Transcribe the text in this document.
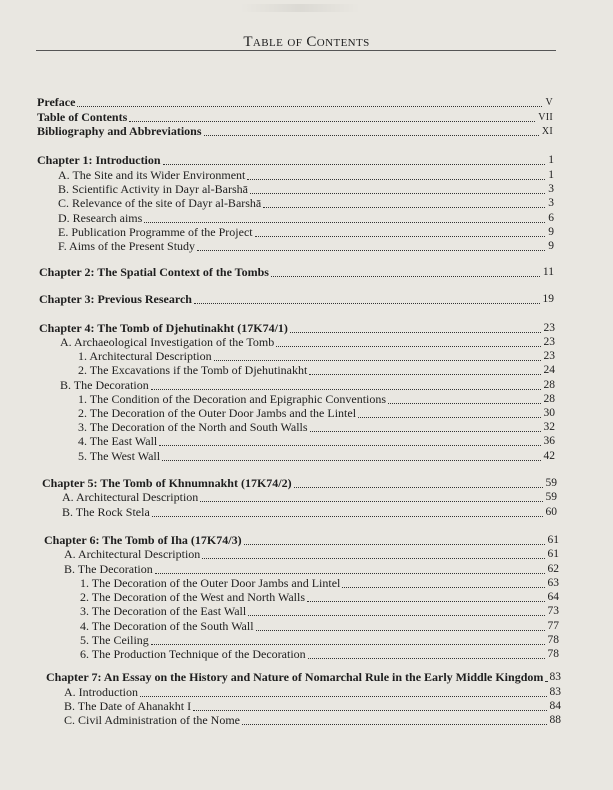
Table of Contents
Preface	V
Table of Contents	VII
Bibliography and Abbreviations	XI
Chapter 1: Introduction	1
A. The Site and its Wider Environment	1
B. Scientific Activity in Dayr al-Barshā	3
C. Relevance of the site of Dayr al-Barshā	3
D. Research aims	6
E. Publication Programme of the Project	9
F. Aims of the Present Study	9
Chapter 2: The Spatial Context of the Tombs	11
Chapter 3: Previous Research	19
Chapter 4: The Tomb of Djehutinakht (17K74/1)	23
A. Archaeological Investigation of the Tomb	23
1. Architectural Description	23
2. The Excavations if the Tomb of Djehutinakht	24
B. The Decoration	28
1. The Condition of the Decoration and Epigraphic Conventions	28
2. The Decoration of the Outer Door Jambs and the Lintel	30
3. The Decoration of the North and South Walls	32
4. The East Wall	36
5. The West Wall	42
Chapter 5: The Tomb of Khnumnakht (17K74/2)	59
A. Architectural Description	59
B. The Rock Stela	60
Chapter 6: The Tomb of Iha (17K74/3)	61
A. Architectural Description	61
B. The Decoration	62
1. The Decoration of the Outer Door Jambs and Lintel	63
2. The Decoration of the West and North Walls	64
3. The Decoration of the East Wall	73
4. The Decoration of the South Wall	77
5. The Ceiling	78
6. The Production Technique of the Decoration	78
Chapter 7: An Essay on the History and Nature of Nomarchal Rule in the Early Middle Kingdom 83
A. Introduction	83
B. The Date of Ahanakht I	84
C. Civil Administration of the Nome	88
